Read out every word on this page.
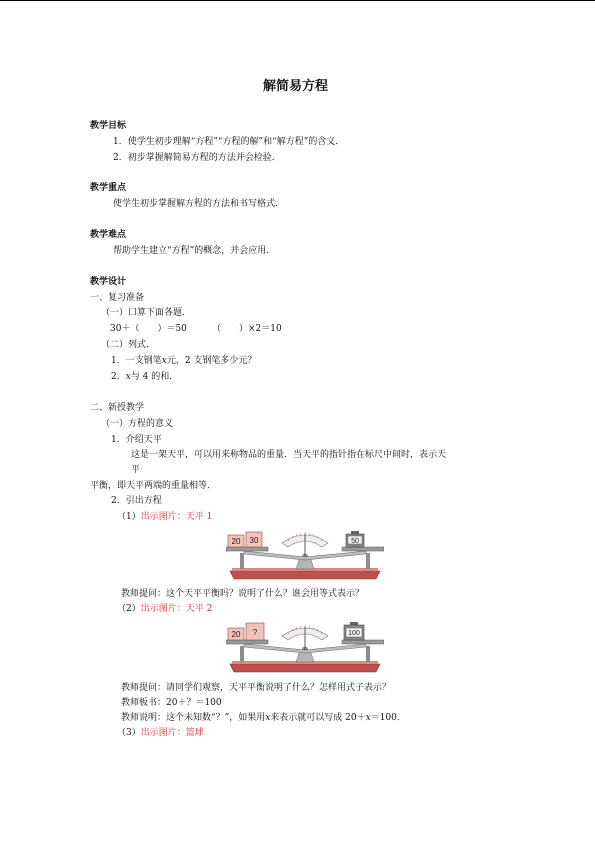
解简易方程
教学目标
1．使学生初步理解“方程”“方程的解”和“解方程”的含义．
2．初步掌握解简易方程的方法并会检验．
教学重点
使学生初步掌握解方程的方法和书写格式．
教学难点
帮助学生建立“方程”的概念，并会应用．
教学设计
一、复习准备
（一）口算下面各题．
30＋（　　）＝50	（　　）×2＝10
（二）列式．
1．一支钢笔x元，2 支钢笔多少元？
2．x与 4 的和．
二、新授教学
（一）方程的意义
1．介绍天平
这是一架天平，可以用来称物品的重量．当天平的指针指在标尺中间时，表示天
平
平衡，即天平两端的重量相等．
2．引出方程
（1）出示图片：天平 1
20 30	50
教师提问：这个天平平衡吗？说明了什么？谁会用等式表示？
（2）出示图片：天平 2
20 ?	100
教师提问：请同学们观察，天平平衡说明了什么？怎样用式子表示？
教师板书：20＋？＝100
教师说明：这个未知数“？”，如果用x来表示就可以写成 20＋x＝100．
（3）出示图片：篮球
